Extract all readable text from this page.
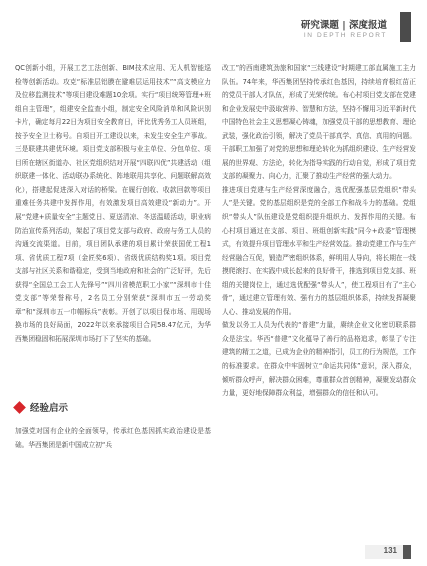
研究课题 | 深度报道
IN DEPTH REPORT

QC创新小组，开展工艺工法创新、BIM技术应用、无人机智能巡检等创新活动。攻克“标准层铝膜在避难层运用技术”“高支模应力及位移监测技术”等项目建设难题10余项。实行“项目统筹管理+班组自主管理”，组建安全监查小组，制定安全风险消单和风险识别卡片，确定每月22日为项目安全教育日，评比优秀务工人员班组，按予安全卫士称号。自项目开工建设以来，未发生安全生产事故。三是联建共建优环境。项目党支部积极与业主单位、分包单位、项目所在辖区街道办、社区党组织结对开展“四联四优”共建活动（组织联建一体化、活动联办系统化、阵地联用共享化、问题联解高效化），搭建起促进深入对话的桥梁。在履行创收、收款回款等项目重难任务共建中发挥作用，有效激发项目高效建设“新动力”。开展“党建+质量安全”主题党日、夏送清凉、冬送温暖活动，职业病防治宣传系列活动，架起了项目党支部与政府、政府与务工人员的沟通交流渠道。目前，项目团队承建的项目累计荣获国优工程1项、省优质工程7项（金匠奖6项）、省级优质结构奖1项。项目党支部与社区关系和谐稳定，受到当地政府和社会的广泛好评，先后获得“全国总工会工人先锋号”“四川省模范职工小家”“深圳市十佳党支部”等荣誉称号，2名员工分别荣获“深圳市五一劳动奖章”和“深圳市五一巾帼标兵”表彰。开创了以项目保市场、用现场换市场的良好局面，2022年以来承接项目合同58.47亿元，为华西集团稳固和拓展深圳市场打下了坚实的基础。

经验启示

加强党对国有企业的全面领导，传承红色基因抓实政治建设是基础。华西集团是新中国成立初“兵

改工”的西南建筑劲旅和国家“三线建设”时期建工部直属施工主力队伍。74年来，华西集团坚持传承红色基因，持续培育根红苗正的党员干部人才队伍，形成了光荣传统。布心村项目党支部在党建和企业发展史中汲取营养、智慧和方法，坚持不懈用习近平新时代中国特色社会主义思想凝心铸魂，加强党员干部的思想教育、理论武装，强化政治引领，解决了党员干部真学、真信、真用的问题。干部职工加强了对党的思想和理论转化为抓组织建设、生产经营发展的世界观、方法论，转化为指导实践的行动自觉，形成了项目党支部的凝聚力、向心力，汇聚了推动生产经营的强大动力。

推进项目党建与生产经营深度融合，选优配强基层党组织“带头人”是关键。党的基层组织是党的全部工作和战斗力的基础。党组织“带头人”队伍建设是党组织提升组织力、发挥作用的关键。布心村项目通过在支部、项目、班组创新实践“同今+政委”管理模式，有效提升项目管理水平和生产经营效益。推动党建工作与生产经营融合互促，锻造严密组织体系，鲜明用人导向，将长期在一线摸爬滚打、在实践中成长起来的良好骨干，推选到项目党支部、班组的关键岗位上，通过选优配强“带头人”，使工程项目有了“主心骨”，通过建立管理有效、强有力的基层组织体系，持续发挥凝聚人心、推动发展的作用。

做发以务工人员为代表的“普建”力量，赓续企业文化密切联系群众是法宝。华西“普建”文化蕴导了善行的品格追求，彰显了专注建筑的精工之道，已成为企业的精神指引，员工的行为规范，工作的标准要求。在群众中牢固树立“命运共同体”意识，深入群众，倾听群众呼声，解决群众困难，尊重群众首创精神，凝聚发动群众力量，更好地保障群众利益，增强群众的信任和认可。

131
